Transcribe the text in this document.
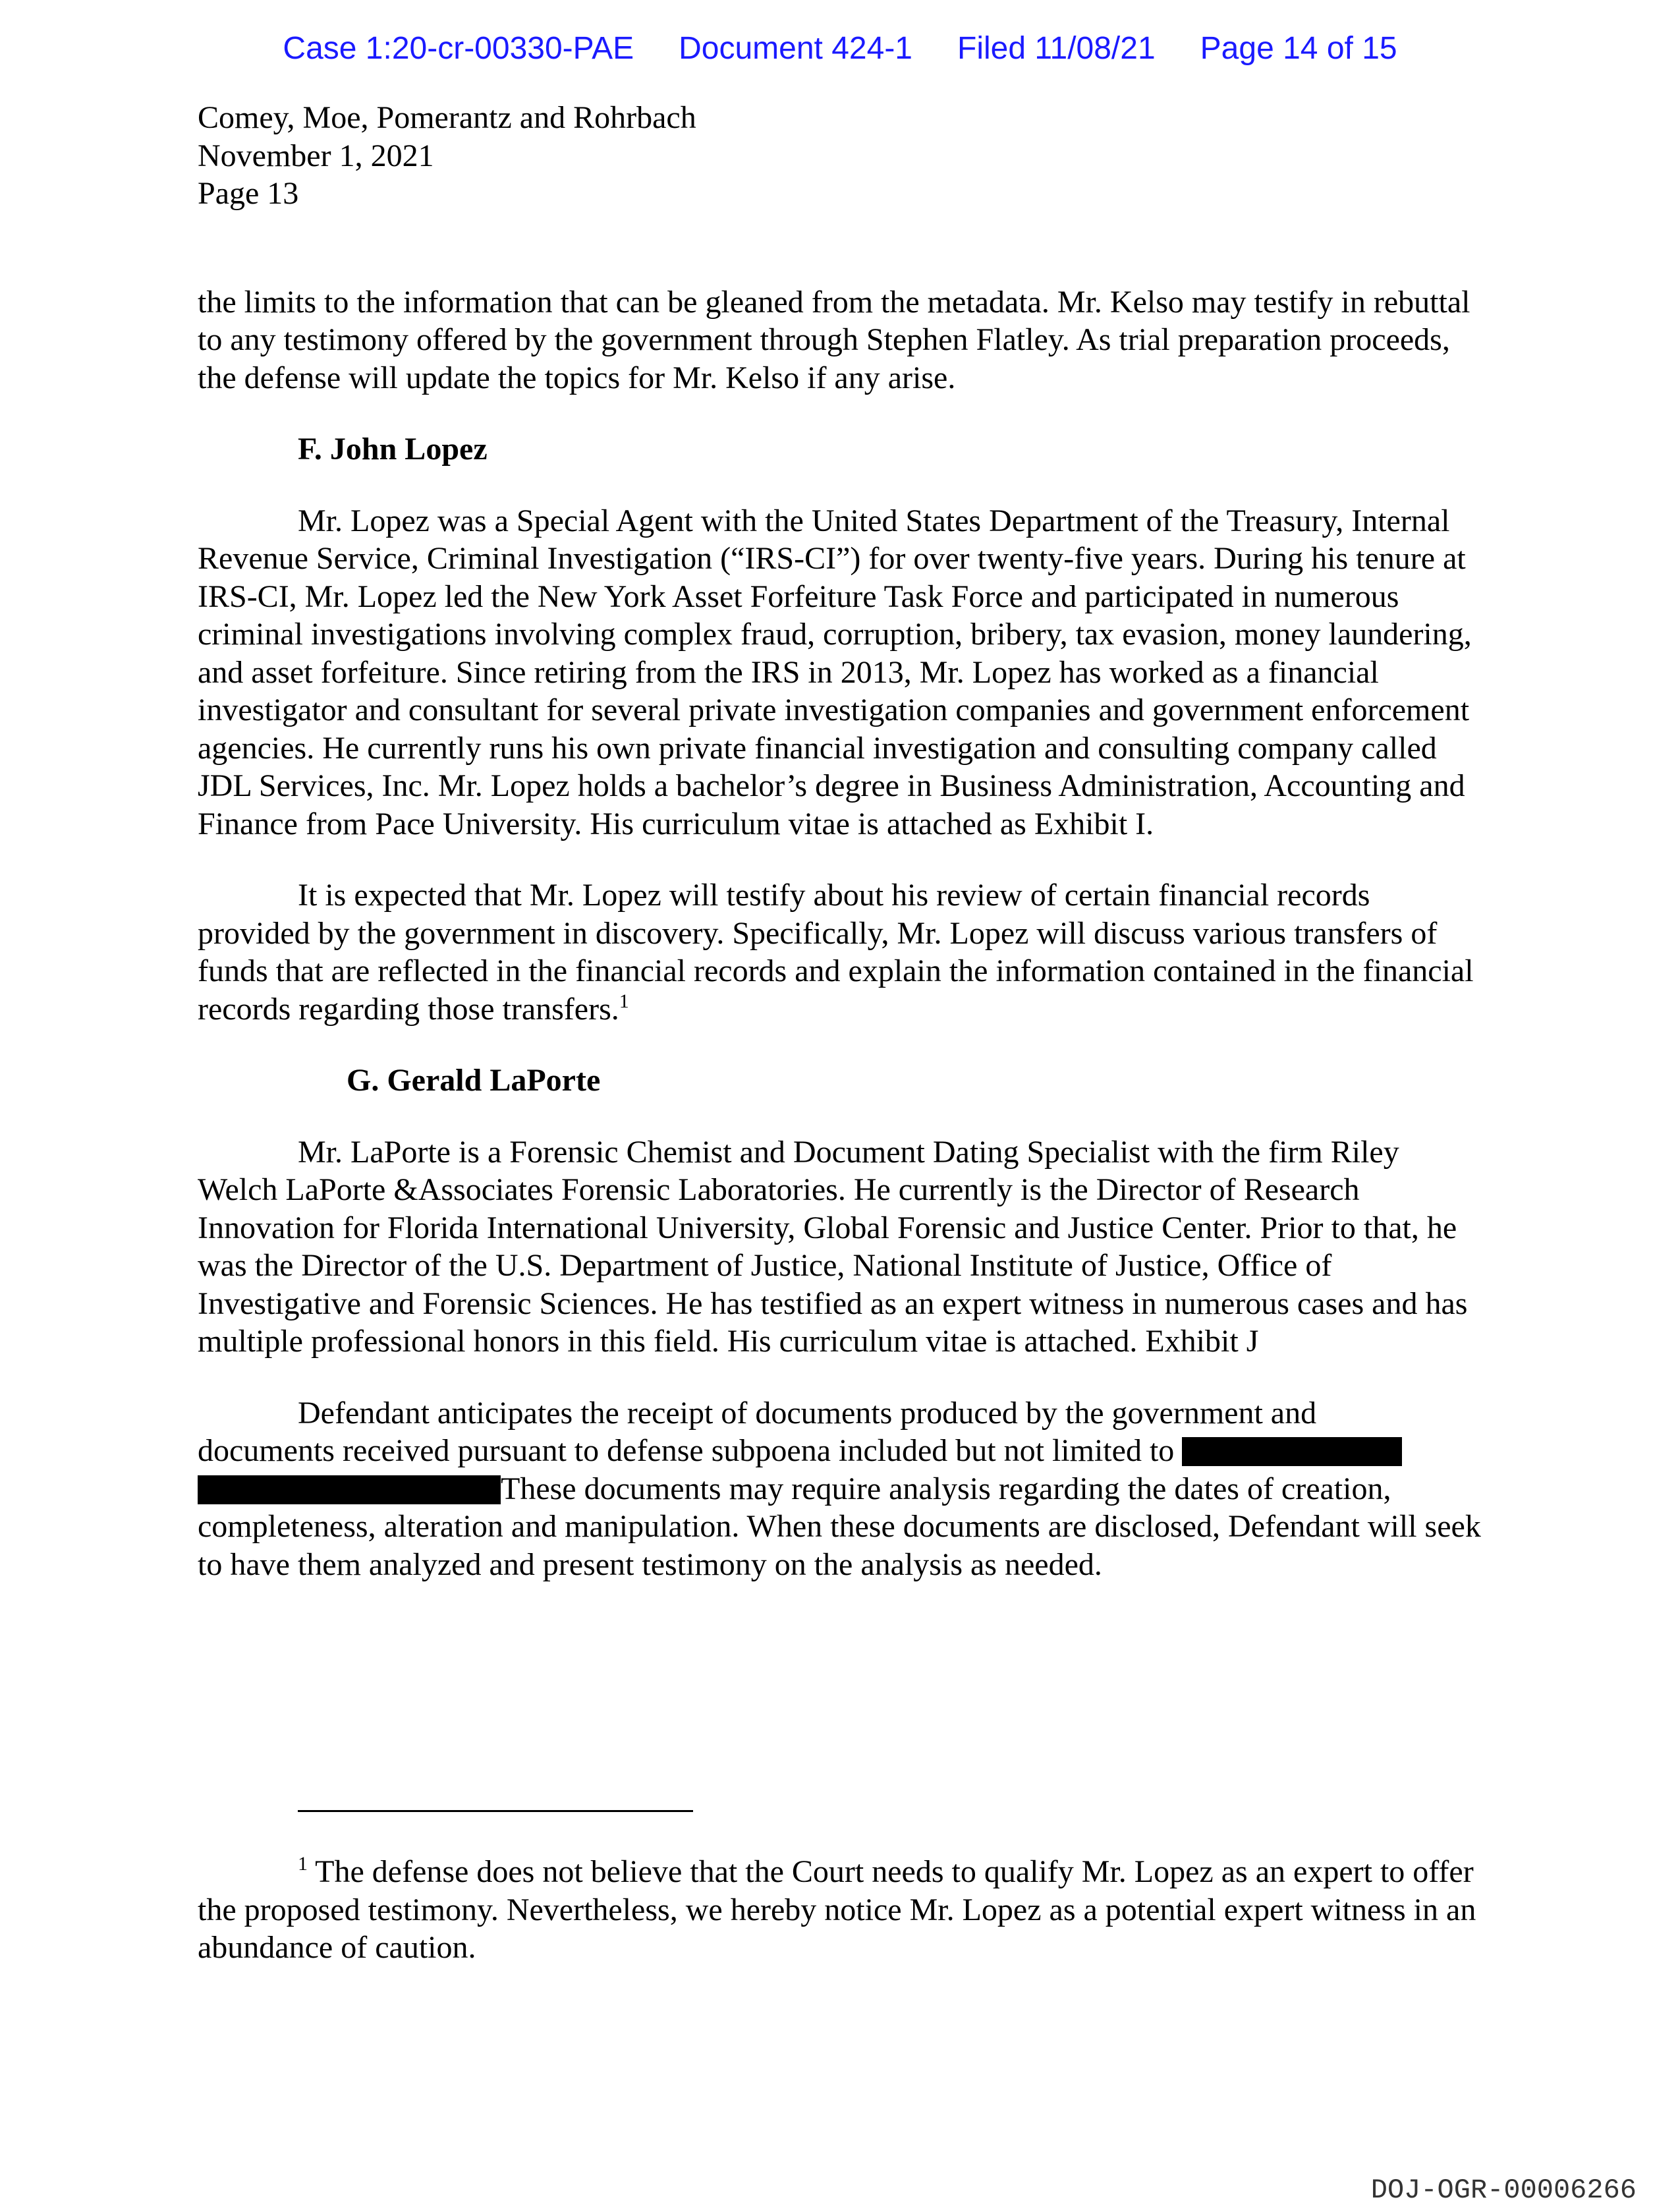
Case 1:20-cr-00330-PAE Document 424-1 Filed 11/08/21 Page 14 of 15
Comey, Moe, Pomerantz and Rohrbach
November 1, 2021
Page 13

the limits to the information that can be gleaned from the metadata. Mr. Kelso may testify in rebuttal to any testimony offered by the government through Stephen Flatley. As trial preparation proceeds, the defense will update the topics for Mr. Kelso if any arise.

F. John Lopez

Mr. Lopez was a Special Agent with the United States Department of the Treasury, Internal Revenue Service, Criminal Investigation (“IRS-CI”) for over twenty-five years. During his tenure at IRS-CI, Mr. Lopez led the New York Asset Forfeiture Task Force and participated in numerous criminal investigations involving complex fraud, corruption, bribery, tax evasion, money laundering, and asset forfeiture. Since retiring from the IRS in 2013, Mr. Lopez has worked as a financial investigator and consultant for several private investigation companies and government enforcement agencies. He currently runs his own private financial investigation and consulting company called JDL Services, Inc. Mr. Lopez holds a bachelor’s degree in Business Administration, Accounting and Finance from Pace University. His curriculum vitae is attached as Exhibit I.

It is expected that Mr. Lopez will testify about his review of certain financial records provided by the government in discovery. Specifically, Mr. Lopez will discuss various transfers of funds that are reflected in the financial records and explain the information contained in the financial records regarding those transfers.$^1$

G. Gerald LaPorte

Mr. LaPorte is a Forensic Chemist and Document Dating Specialist with the firm Riley Welch LaPorte &Associates Forensic Laboratories. He currently is the Director of Research Innovation for Florida International University, Global Forensic and Justice Center. Prior to that, he was the Director of the U.S. Department of Justice, National Institute of Justice, Office of Investigative and Forensic Sciences. He has testified as an expert witness in numerous cases and has multiple professional honors in this field. His curriculum vitae is attached. Exhibit J

Defendant anticipates the receipt of documents produced by the government and
documents received pursuant to defense subpoena included but not limited to
These documents may require analysis regarding the dates of creation, completeness, alteration and manipulation. When these documents are disclosed, Defendant will seek to have them analyzed and present testimony on the analysis as needed.

$^1$ The defense does not believe that the Court needs to qualify Mr. Lopez as an expert to offer the proposed testimony. Nevertheless, we hereby notice Mr. Lopez as a potential expert witness in an abundance of caution.

DOJ-OGR-00006266
